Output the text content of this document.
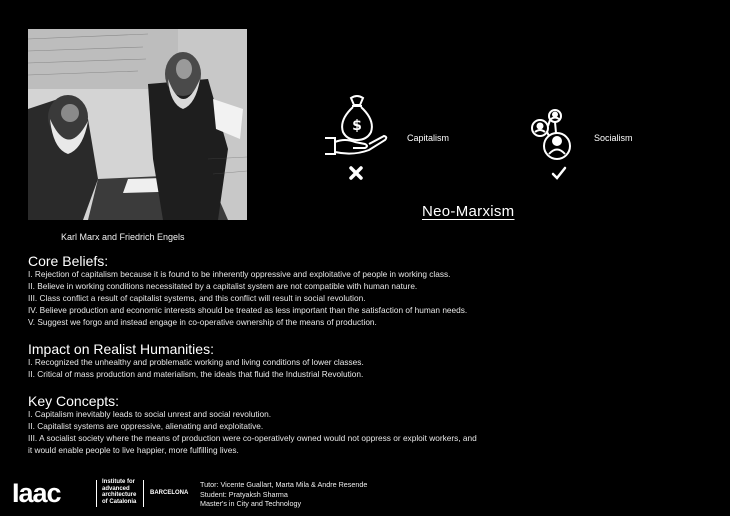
Karl Marx and Friedrich Engels
$
Capitalism	Socialism
Neo-Marxism
Core Beliefs:
I. Rejection of capitalism because it is found to be inherently oppressive and exploitative of people in working class.
II. Believe in working conditions necessitated by a capitalist system are not compatible with human nature.
III. Class conflict a result of capitalist systems, and this conflict will result in social revolution.
IV. Believe production and economic interests should be treated as less important than the satisfaction of human needs.
V. Suggest we forgo and instead engage in co-operative ownership of the means of production.
Impact on Realist Humanities:
I. Recognized the unhealthy and problematic working and living conditions of lower classes.
II. Critical of mass production and materialism, the ideals that fluid the Industrial Revolution.
Key Concepts:
I. Capitalism inevitably leads to social unrest and social revolution.
II. Capitalist systems are oppressive, alienating and exploitative.
III. A socialist society where the means of production were co-operatively owned would not oppress or exploit workers, and
it would enable people to live happier, more fulfilling lives.
Iaac	Institute for
advanced
architecture
of Catalonia
BARCELONA
Tutor: Vicente Guallart, Marta Mila & Andre Resende
Student: Pratyaksh Sharma
Master's in City and Technology
